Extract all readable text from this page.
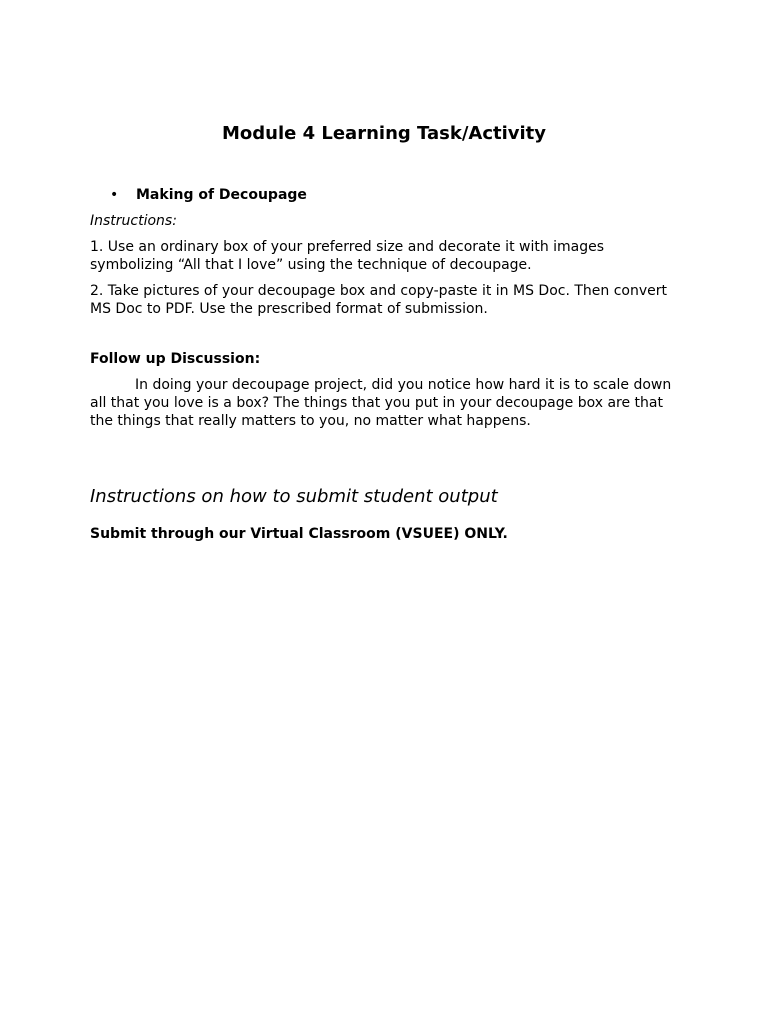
Module 4 Learning Task/Activity
• Making of Decoupage
Instructions:
1. Use an ordinary box of your preferred size and decorate it with images symbolizing “All that I love” using the technique of decoupage.
2. Take pictures of your decoupage box and copy-paste it in MS Doc. Then convert MS Doc to PDF. Use the prescribed format of submission.
Follow up Discussion:
In doing your decoupage project, did you notice how hard it is to scale down all that you love is a box? The things that you put in your decoupage box are that the things that really matters to you, no matter what happens.
Instructions on how to submit student output
Submit through our Virtual Classroom (VSUEE) ONLY.
